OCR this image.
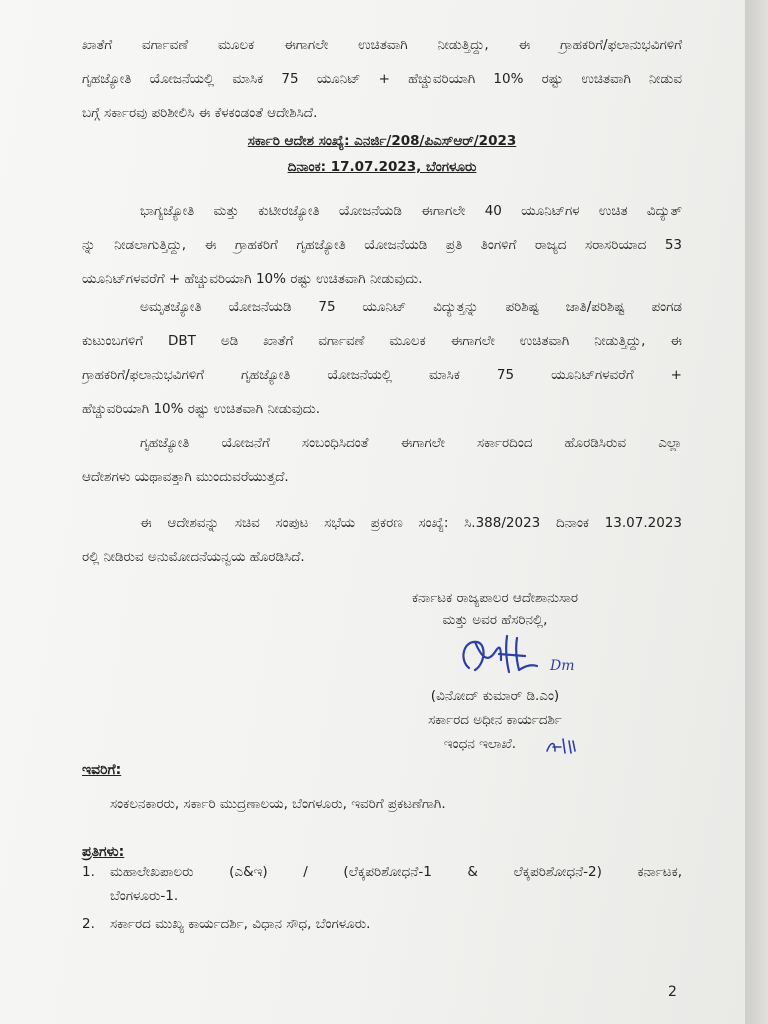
ಖಾತೆಗೆ ವರ್ಗಾವಣೆ ಮೂಲಕ ಈಗಾಗಲೇ ಉಚಿತವಾಗಿ ನೀಡುತ್ತಿದ್ದು, ಈ ಗ್ರಾಹಕರಿಗೆ/ಫಲಾನುಭವಿಗಳಿಗೆ
ಗೃಹಜ್ಯೋತಿ ಯೋಜನೆಯಲ್ಲಿ ಮಾಸಿಕ 75 ಯೂನಿಟ್ + ಹೆಚ್ಚುವರಿಯಾಗಿ 10% ರಷ್ಟು ಉಚಿತವಾಗಿ ನೀಡುವ
ಬಗ್ಗೆ ಸರ್ಕಾರವು ಪರಿಶೀಲಿಸಿ ಈ ಕೆಳಕಂಡಂತೆ ಆದೇಶಿಸಿದೆ.
ಸರ್ಕಾರಿ ಆದೇಶ ಸಂಖ್ಯೆ: ಎನರ್ಜಿ/208/ಪಿಎಸ್ಆರ್/2023
ದಿನಾಂಕ: 17.07.2023, ಬೆಂಗಳೂರು
ಭಾಗ್ಯಜ್ಯೋತಿ ಮತ್ತು ಕುಟೀರಜ್ಯೋತಿ ಯೋಜನೆಯಡಿ ಈಗಾಗಲೇ 40 ಯೂನಿಟ್‌ಗಳ ಉಚಿತ ವಿದ್ಯುತ್
ನ್ನು ನೀಡಲಾಗುತ್ತಿದ್ದು, ಈ ಗ್ರಾಹಕರಿಗೆ ಗೃಹಜ್ಯೋತಿ ಯೋಜನೆಯಡಿ ಪ್ರತಿ ತಿಂಗಳಿಗೆ ರಾಜ್ಯದ ಸರಾಸರಿಯಾದ 53
ಯೂನಿಟ್‌ಗಳವರೆಗೆ + ಹೆಚ್ಚುವರಿಯಾಗಿ 10% ರಷ್ಟು ಉಚಿತವಾಗಿ ನೀಡುವುದು.
ಅಮೃತಜ್ಯೋತಿ ಯೋಜನೆಯಡಿ 75 ಯೂನಿಟ್ ವಿದ್ಯುತ್ತನ್ನು ಪರಿಶಿಷ್ಟ ಜಾತಿ/ಪರಿಶಿಷ್ಟ ಪಂಗಡ
ಕುಟುಂಬಗಳಿಗೆ DBT ಅಡಿ ಖಾತೆಗೆ ವರ್ಗಾವಣೆ ಮೂಲಕ ಈಗಾಗಲೇ ಉಚಿತವಾಗಿ ನೀಡುತ್ತಿದ್ದು, ಈ
ಗ್ರಾಹಕರಿಗೆ/ಫಲಾನುಭವಿಗಳಿಗೆ ಗೃಹಜ್ಯೋತಿ ಯೋಜನೆಯಲ್ಲಿ ಮಾಸಿಕ 75 ಯೂನಿಟ್‌ಗಳವರೆಗೆ +
ಹೆಚ್ಚುವರಿಯಾಗಿ 10% ರಷ್ಟು ಉಚಿತವಾಗಿ ನೀಡುವುದು.
ಗೃಹಜ್ಯೋತಿ ಯೋಜನೆಗೆ ಸಂಬಂಧಿಸಿದಂತೆ ಈಗಾಗಲೇ ಸರ್ಕಾರದಿಂದ ಹೊರಡಿಸಿರುವ ಎಲ್ಲಾ
ಆದೇಶಗಳು ಯಥಾವತ್ತಾಗಿ ಮುಂದುವರೆಯುತ್ತದೆ.
ಈ ಆದೇಶವನ್ನು ಸಚಿವ ಸಂಪುಟ ಸಭೆಯ ಪ್ರಕರಣ ಸಂಖ್ಯೆ: ಸಿ.388/2023 ದಿನಾಂಕ 13.07.2023
ರಲ್ಲಿ ನೀಡಿರುವ ಅನುಮೋದನೆಯನ್ವಯ ಹೊರಡಿಸಿದೆ.
ಕರ್ನಾಟಕ ರಾಜ್ಯಪಾಲರ ಆದೇಶಾನುಸಾರ
ಮತ್ತು ಅವರ ಹೆಸರಿನಲ್ಲಿ,
Dm
(ವಿನೋದ್ ಕುಮಾರ್ ಡಿ.ಎಂ)
ಸರ್ಕಾರದ ಅಧೀನ ಕಾರ್ಯದರ್ಶಿ
ಇಂಧನ ಇಲಾಖೆ.
ಇವರಿಗೆ:
ಸಂಕಲನಕಾರರು, ಸರ್ಕಾರಿ ಮುದ್ರಣಾಲಯ, ಬೆಂಗಳೂರು, ಇವರಿಗೆ ಪ್ರಕಟಣೆಗಾಗಿ.
ಪ್ರತಿಗಳು:
1. ಮಹಾಲೇಖಪಾಲರು (ಎ&ಇ) / (ಲೆಕ್ಕಪರಿಶೋಧನೆ-1 & ಲೆಕ್ಕಪರಿಶೋಧನೆ-2) ಕರ್ನಾಟಕ,
ಬೆಂಗಳೂರು-1.
2. ಸರ್ಕಾರದ ಮುಖ್ಯ ಕಾರ್ಯದರ್ಶಿ, ವಿಧಾನ ಸೌಧ, ಬೆಂಗಳೂರು.
2
